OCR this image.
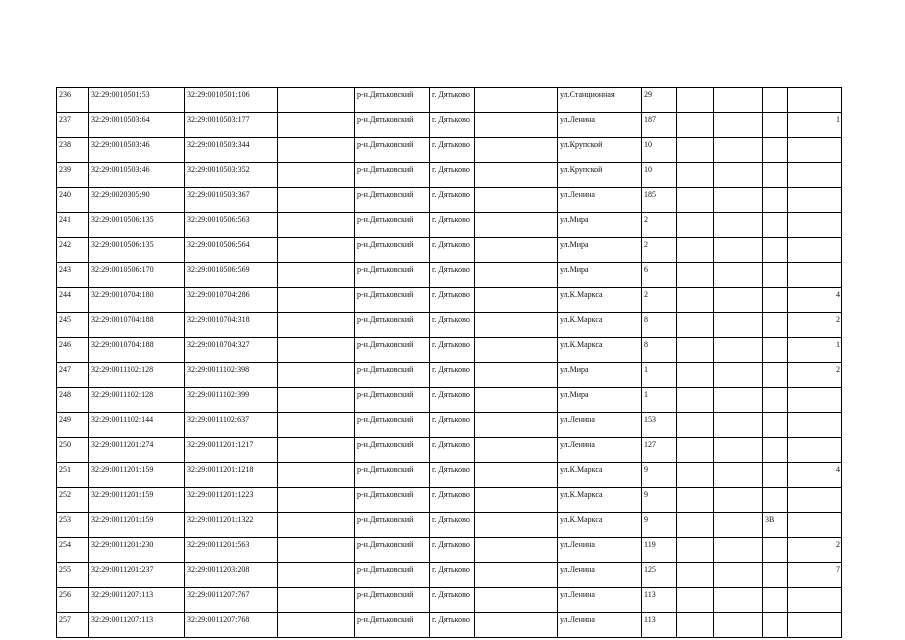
236	32:29:0010501:53	32:29:0010501:106		р-н.Дятьковский	г. Дятьково		ул.Станционная	29				
237	32:29:0010503:64	32:29:0010503:177		р-н.Дятьковский	г. Дятьково		ул.Ленина	187				1
238	32:29:0010503:46	32:29:0010503:344		р-н.Дятьковский	г. Дятьково		ул.Крупской	10				
239	32:29:0010503:46	32:29:0010503:352		р-н.Дятьковский	г. Дятьково		ул.Крупской	10				
240	32:29:0020305:90	32:29:0010503:367		р-н.Дятьковский	г. Дятьково		ул.Ленина	185				
241	32:29:0010506:135	32:29:0010506:563		р-н.Дятьковский	г. Дятьково		ул.Мира	2				
242	32:29:0010506:135	32:29:0010506:564		р-н.Дятьковский	г. Дятьково		ул.Мира	2				
243	32:29:0010506:170	32:29:0010506:569		р-н.Дятьковский	г. Дятьково		ул.Мира	6				
244	32:29:0010704:180	32:29:0010704:286		р-н.Дятьковский	г. Дятьково		ул.К.Маркса	2				4
245	32:29:0010704:188	32:29:0010704:318		р-н.Дятьковский	г. Дятьково		ул.К.Маркса	8				2
246	32:29:0010704:188	32:29:0010704:327		р-н.Дятьковский	г. Дятьково		ул.К.Маркса	8				1
247	32:29:0011102:128	32:29:0011102:398		р-н.Дятьковский	г. Дятьково		ул.Мира	1				2
248	32:29:0011102:128	32:29:0011102:399		р-н.Дятьковский	г. Дятьково		ул.Мира	1				
249	32:29:0011102:144	32:29:0011102:637		р-н.Дятьковский	г. Дятьково		ул.Ленина	153				
250	32:29:0011201:274	32:29:0011201:1217		р-н.Дятьковский	г. Дятьково		ул.Ленина	127				
251	32:29:0011201:159	32:29:0011201:1218		р-н.Дятьковский	г. Дятьково		ул.К.Маркса	9				4
252	32:29:0011201:159	32:29:0011201:1223		р-н.Дятьковский	г. Дятьково		ул.К.Маркса	9				
253	32:29:0011201:159	32:29:0011201:1322		р-н.Дятьковский	г. Дятьково		ул.К.Маркса	9			3B	
254	32:29:0011201:230	32:29:0011201:563		р-н.Дятьковский	г. Дятьково		ул.Ленина	119				2
255	32:29:0011201:237	32:29:0011203:208		р-н.Дятьковский	г. Дятьково		ул.Ленина	125				7
256	32:29:0011207:113	32:29:0011207:767		р-н.Дятьковский	г. Дятьково		ул.Ленина	113				
257	32:29:0011207:113	32:29:0011207:768		р-н.Дятьковский	г. Дятьково		ул.Ленина	113				
